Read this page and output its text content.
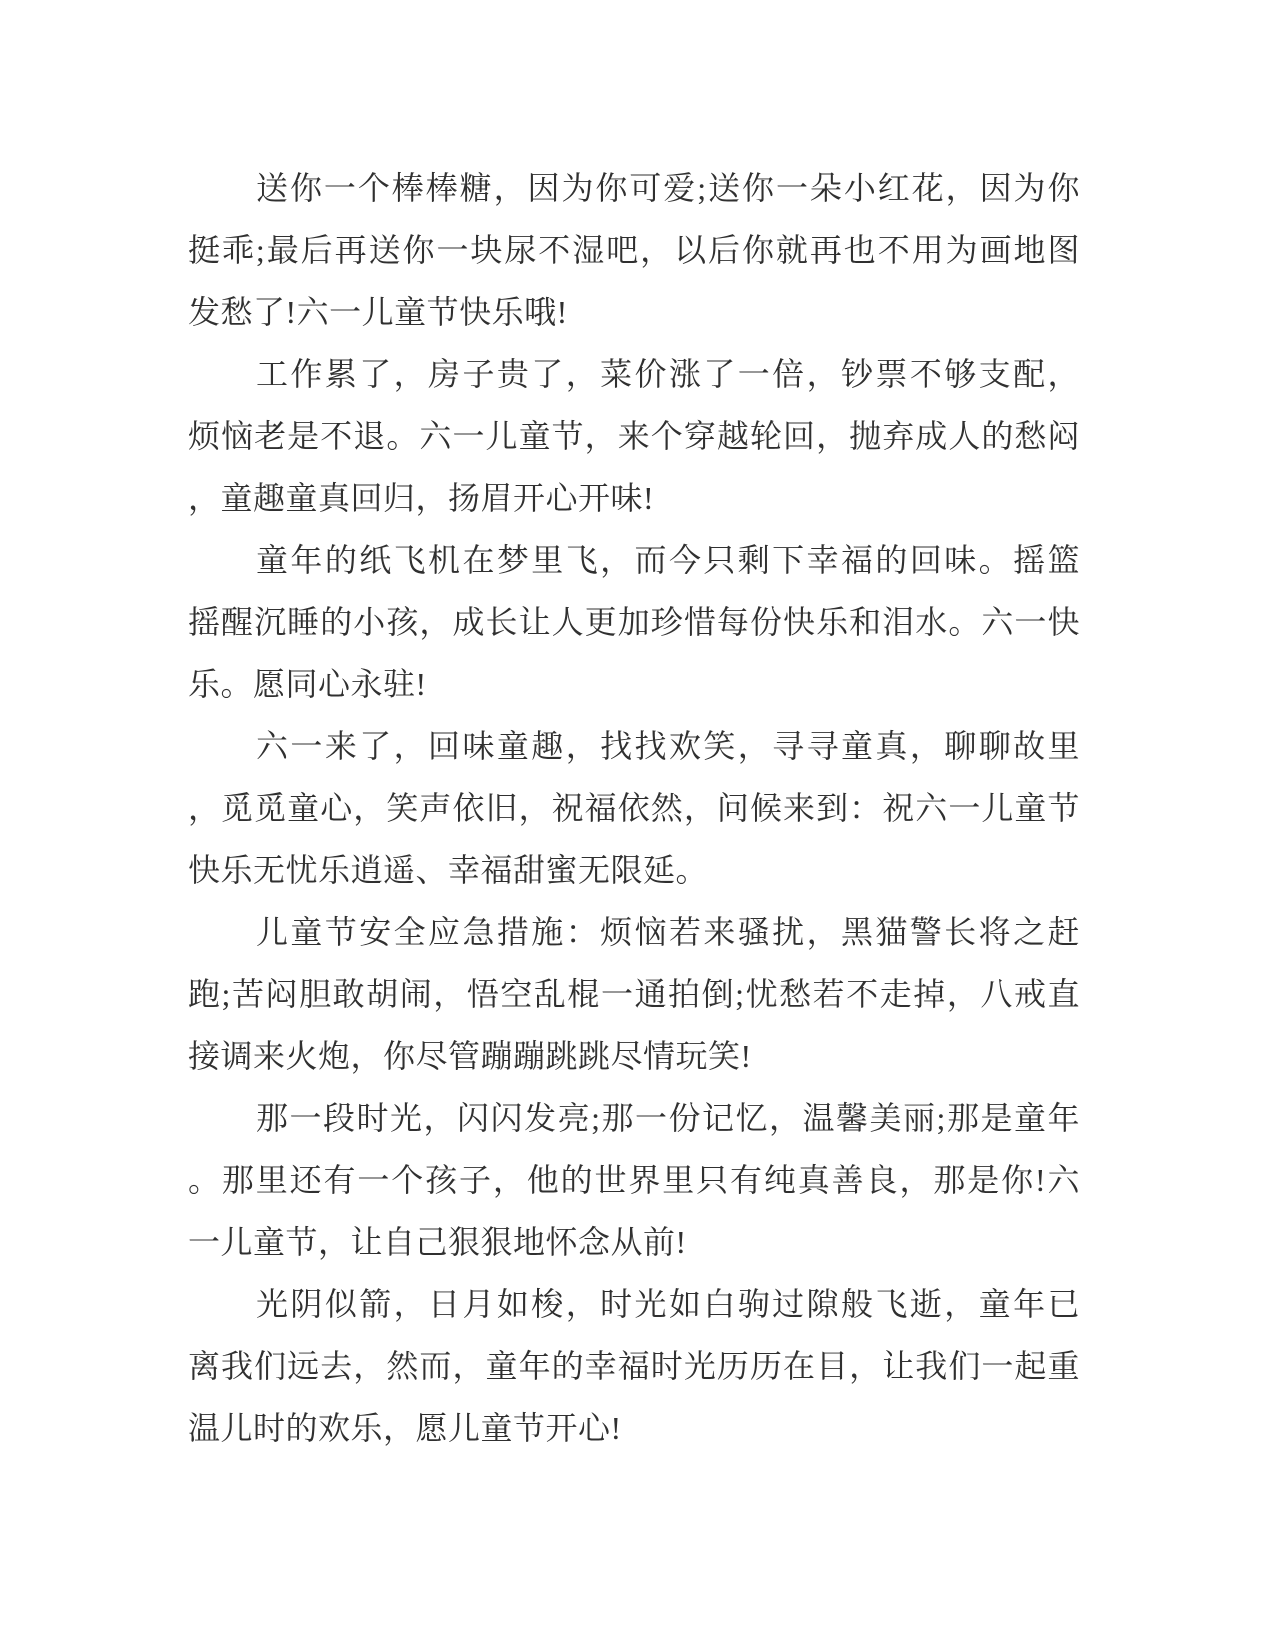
送你一个棒棒糖，因为你可爱;送你一朵小红花，因为你
挺乖;最后再送你一块尿不湿吧，以后你就再也不用为画地图
发愁了!六一儿童节快乐哦!
工作累了，房子贵了，菜价涨了一倍，钞票不够支配，
烦恼老是不退。六一儿童节，来个穿越轮回，抛弃成人的愁闷
，童趣童真回归，扬眉开心开味!
童年的纸飞机在梦里飞，而今只剩下幸福的回味。摇篮
摇醒沉睡的小孩，成长让人更加珍惜每份快乐和泪水。六一快
乐。愿同心永驻!
六一来了，回味童趣，找找欢笑，寻寻童真，聊聊故里
，觅觅童心，笑声依旧，祝福依然，问候来到：祝六一儿童节
快乐无忧乐逍遥、幸福甜蜜无限延。
儿童节安全应急措施：烦恼若来骚扰，黑猫警长将之赶
跑;苦闷胆敢胡闹，悟空乱棍一通拍倒;忧愁若不走掉，八戒直
接调来火炮，你尽管蹦蹦跳跳尽情玩笑!
那一段时光，闪闪发亮;那一份记忆，温馨美丽;那是童年
。那里还有一个孩子，他的世界里只有纯真善良，那是你!六
一儿童节，让自己狠狠地怀念从前!
光阴似箭，日月如梭，时光如白驹过隙般飞逝，童年已
离我们远去，然而，童年的幸福时光历历在目，让我们一起重
温儿时的欢乐，愿儿童节开心!
